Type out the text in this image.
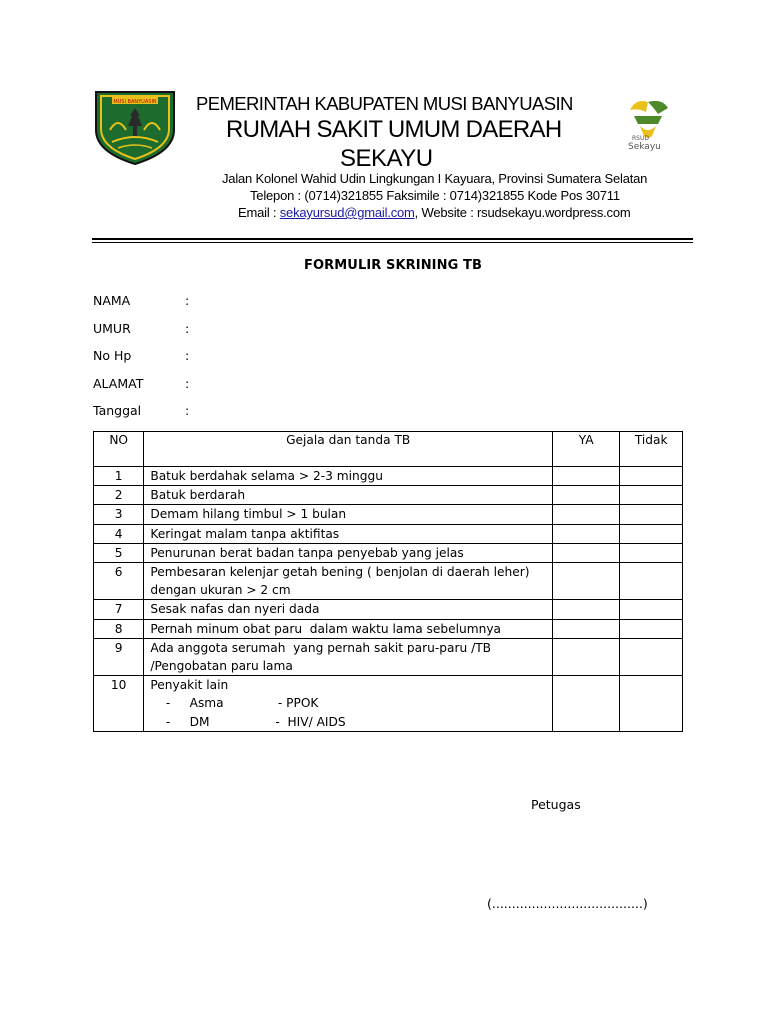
MUSI BANYUASIN
RSUD
Sekayu
PEMERINTAH KABUPATEN MUSI BANYUASIN
RUMAH SAKIT UMUM DAERAH
SEKAYU
Jalan Kolonel Wahid Udin Lingkungan I Kayuara, Provinsi Sumatera Selatan
Telepon : (0714)321855 Faksimile : 0714)321855 Kode Pos 30711
Email : sekayursud@gmail.com, Website : rsudsekayu.wordpress.com
FORMULIR SKRINING TB
NAMA	:
UMUR	:
No Hp	:
ALAMAT	:
Tanggal	:
NO	Gejala dan tanda TB	YA	Tidak
1	Batuk berdahak selama > 2-3 minggu		

2	Batuk berdarah		

3	Demam hilang timbul > 1 bulan		

4	Keringat malam tanpa aktifitas		

5	Penurunan berat badan tanpa penyebab yang jelas		

6	Pembesaran kelenjar getah bening ( benjolan di daerah leher)
dengan ukuran > 2 cm		

7	Sesak nafas dan nyeri dada		

8	Pernah minum obat paru  dalam waktu lama sebelumnya		

9	Ada anggota serumah  yang pernah sakit paru-paru /TB
/Pengobatan paru lama		

10	Penyakit lain
-     Asma              - PPOK
-     DM                 -  HIV/ AIDS		

Petugas
(......................................)
